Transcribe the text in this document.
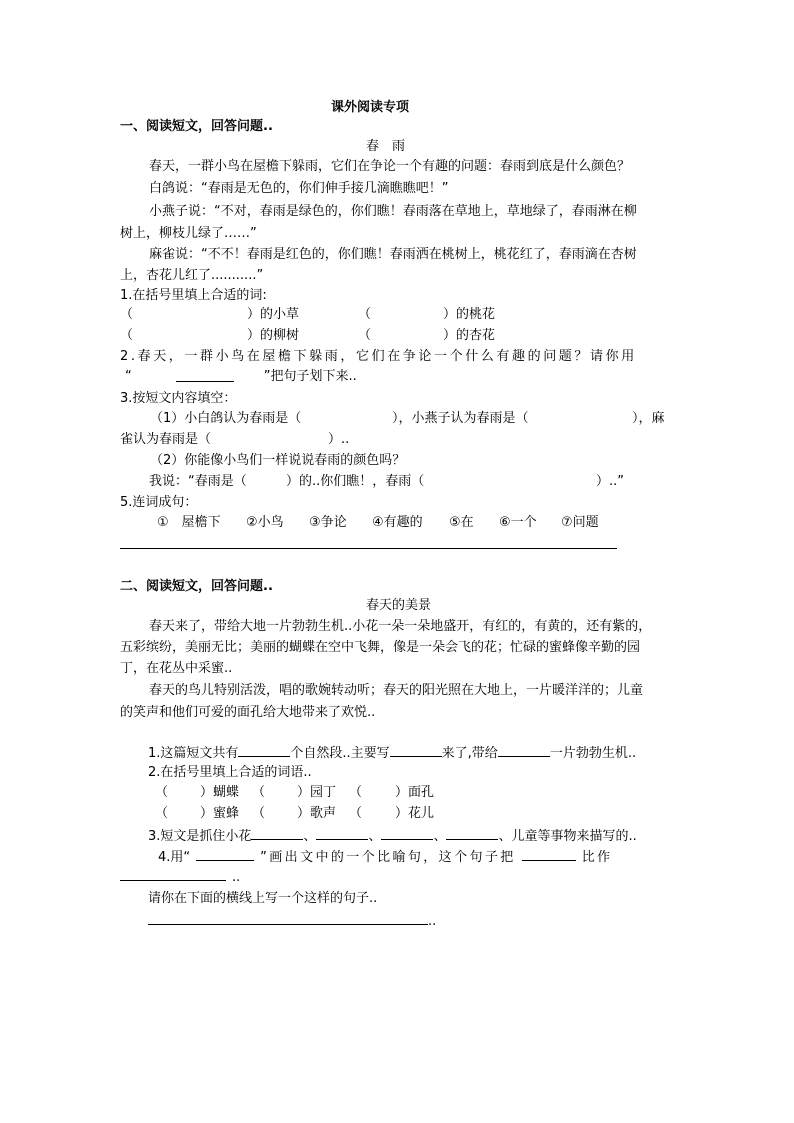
课外阅读专项
一、阅读短文，回答问题..
春　雨
春天，一群小鸟在屋檐下躲雨，它们在争论一个有趣的问题：春雨到底是什么颜色？
白鸽说：“春雨是无色的，你们伸手接几滴瞧瞧吧！”
小燕子说：“不对，春雨是绿色的，你们瞧！春雨落在草地上，草地绿了，春雨淋在柳
树上，柳枝儿绿了……”
麻雀说：“不不！春雨是红色的，你们瞧！春雨洒在桃树上，桃花红了，春雨滴在杏树
上，杏花儿红了...........”
1.在括号里填上合适的词:
（	）的小草	（	）的桃花
（	）的柳树	（	）的杏花
2.春天，一群小鸟在屋檐下躲雨，它们在争论一个什么有趣的问题？请你用
“	”把句子划下来..
3.按短文内容填空：
（1）小白鸽认为春雨是（	），小燕子认为春雨是（	），麻
雀认为春雨是（	）..
（2）你能像小鸟们一样说说春雨的颜色吗？
我说：“春雨是（	）的..你们瞧！，春雨（	）..”
5.连词成句：
①　屋檐下 ②小鸟 ③争论 ④有趣的 ⑤在 ⑥一个 ⑦问题
二、阅读短文，回答问题..
春天的美景
春天来了，带给大地一片勃勃生机..小花一朵一朵地盛开，有红的，有黄的，还有紫的，
五彩缤纷，美丽无比；美丽的蝴蝶在空中飞舞，像是一朵会飞的花；忙碌的蜜蜂像辛勤的园
丁，在花丛中采蜜..
春天的鸟儿特别活泼，唱的歌婉转动听；春天的阳光照在大地上，一片暖洋洋的；儿童
的笑声和他们可爱的面孔给大地带来了欢悦..
1.这篇短文共有	个自然段..主要写	来了,带给	一片勃勃生机..
2.在括号里填上合适的词语..
（ ）蝴蝶 （ ）园丁 （	）面孔
（ ）蜜蜂 （ ）歌声 （	）花儿
3.短文是抓住小花	、	、	、	、儿童等事物来描写的..
4.用“	”画出文中的一个比喻句，这个句子把	比作
..
请你在下面的横线上写一个这样的句子..
..
